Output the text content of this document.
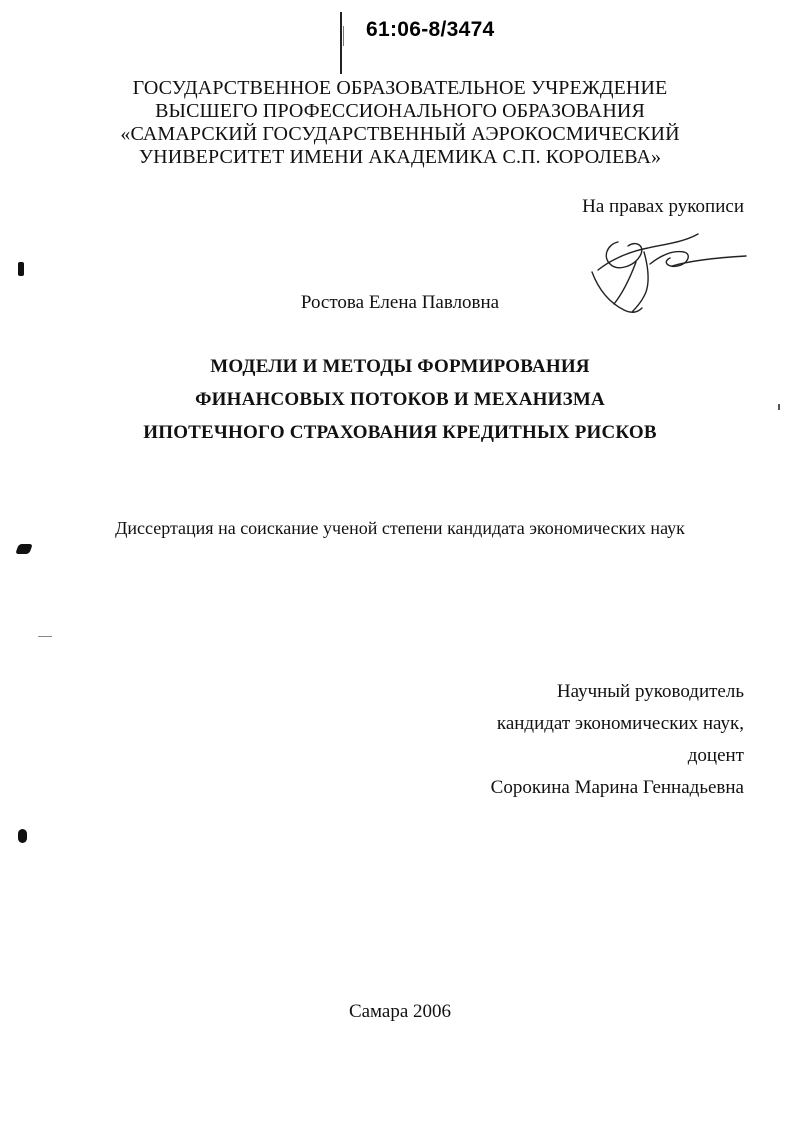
61:06-8/3474
ГОСУДАРСТВЕННОЕ ОБРАЗОВАТЕЛЬНОЕ УЧРЕЖДЕНИЕ
ВЫСШЕГО ПРОФЕССИОНАЛЬНОГО ОБРАЗОВАНИЯ
«САМАРСКИЙ ГОСУДАРСТВЕННЫЙ АЭРОКОСМИЧЕСКИЙ
УНИВЕРСИТЕТ ИМЕНИ АКАДЕМИКА С.П. КОРОЛЕВА»
На правах рукописи
Ростова Елена Павловна
МОДЕЛИ И МЕТОДЫ ФОРМИРОВАНИЯ
ФИНАНСОВЫХ ПОТОКОВ И МЕХАНИЗМА
ИПОТЕЧНОГО СТРАХОВАНИЯ КРЕДИТНЫХ РИСКОВ
Диссертация на соискание ученой степени кандидата экономических наук
Научный руководитель
кандидат экономических наук,
доцент
Сорокина Марина Геннадьевна
Самара 2006
